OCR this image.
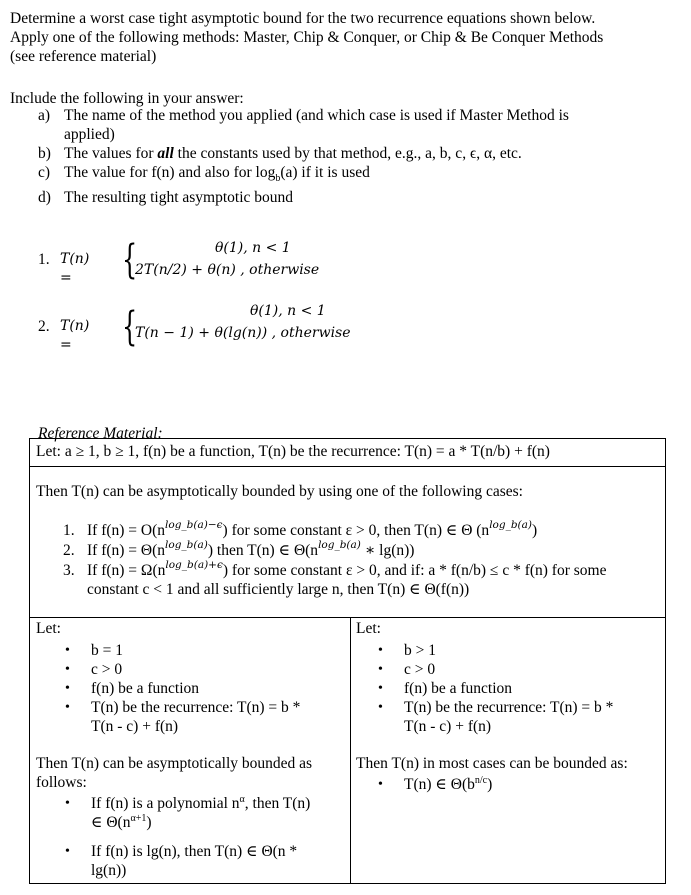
Determine a worst case tight asymptotic bound for the two recurrence equations shown below.

Apply one of the following methods: Master, Chip & Conquer, or Chip & Be Conquer Methods

(see reference material)

Include the following in your answer:
a) The name of the method you applied (and which case is used if Master Method is
applied)
b) The values for all the constants used by that method, e.g., a, b, c, ϵ, α, etc.
c) The value for f(n) and also for $\log_b(a)$ if it is used
d) The resulting tight asymptotic bound
1. T(n) =	{	θ(1), n < 1
2T(n/2) + θ(n) , otherwise
2. T(n) =	{	θ(1), n < 1
T(n − 1) + θ(lg(n)) , otherwise
Reference Material:
Let: a ≥ 1, b ≥ 1, f(n) be a function, T(n) be the recurrence: T(n) = a * T(n/b) + f(n)
Then T(n) can be asymptotically bounded by using one of the following cases:
1. If $f(n) = O(n^{log\_b(a)-\epsilon})$ for some constant ε > 0, then T(n) ∈ Θ $(n^{log\_b(a)})$
2. If $f(n) = \Theta(n^{log\_b(a)})$ then T(n) ∈ $\Theta(n^{log\_b(a)}$ ∗ lg(n))
3. If $f(n) = \Omega(n^{log\_b(a)+\epsilon})$ for some constant ε > 0, and if: a * f(n/b) ≤ c * f(n) for some
constant c < 1 and all sufficiently large n, then T(n) ∈ Θ(f(n))
Let:
• b = 1
• c > 0
• f(n) be a function
• T(n) be the recurrence: T(n) = b *
T(n - c) + f(n)
Then T(n) can be asymptotically bounded as
follows:
• If f(n) is a polynomial $n^\alpha$, then T(n)
∈ $\Theta(n^{\alpha+1})$
• If f(n) is lg(n), then T(n) ∈ Θ(n *
lg(n))
Let:
• b > 1
• c > 0
• f(n) be a function
• T(n) be the recurrence: T(n) = b *
T(n - c) + f(n)
Then T(n) in most cases can be bounded as:
• T(n) ∈ $\Theta(b^{n/c})$
